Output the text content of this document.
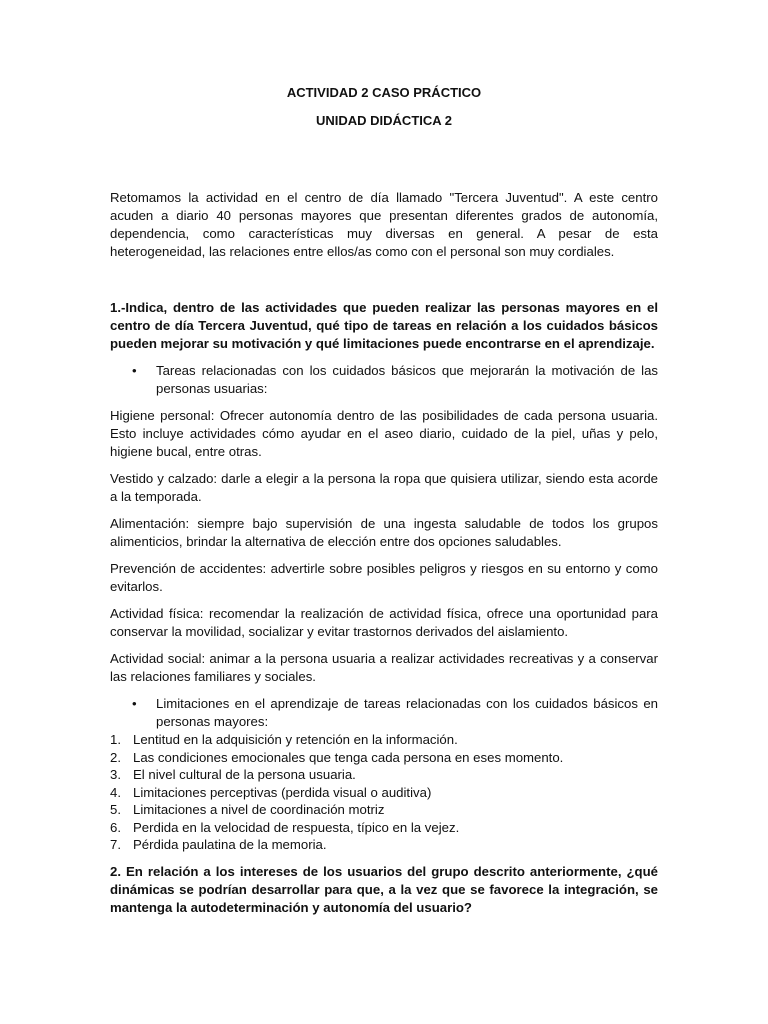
ACTIVIDAD 2 CASO PRÁCTICO
UNIDAD DIDÁCTICA 2

Retomamos la actividad en el centro de día llamado "Tercera Juventud". A este centro acuden a diario 40 personas mayores que presentan diferentes grados de autonomía, dependencia, como características muy diversas en general. A pesar de esta heterogeneidad, las relaciones entre ellos/as como con el personal son muy cordiales.

1.-Indica, dentro de las actividades que pueden realizar las personas mayores en el centro de día Tercera Juventud, qué tipo de tareas en relación a los cuidados básicos pueden mejorar su motivación y qué limitaciones puede encontrarse en el aprendizaje.
• Tareas relacionadas con los cuidados básicos que mejorarán la motivación de las personas usuarias:

Higiene personal: Ofrecer autonomía dentro de las posibilidades de cada persona usuaria. Esto incluye actividades cómo ayudar en el aseo diario, cuidado de la piel, uñas y pelo, higiene bucal, entre otras.

Vestido y calzado: darle a elegir a la persona la ropa que quisiera utilizar, siendo esta acorde a la temporada.

Alimentación: siempre bajo supervisión de una ingesta saludable de todos los grupos alimenticios, brindar la alternativa de elección entre dos opciones saludables.

Prevención de accidentes: advertirle sobre posibles peligros y riesgos en su entorno y como evitarlos.

Actividad física: recomendar la realización de actividad física, ofrece una oportunidad para conservar la movilidad, socializar y evitar trastornos derivados del aislamiento.

Actividad social: animar a la persona usuaria a realizar actividades recreativas y a conservar las relaciones familiares y sociales.

• Limitaciones en el aprendizaje de tareas relacionadas con los cuidados básicos en personas mayores:
1. Lentitud en la adquisición y retención en la información.
2. Las condiciones emocionales que tenga cada persona en eses momento.
3. El nivel cultural de la persona usuaria.
4. Limitaciones perceptivas (perdida visual o auditiva)
5. Limitaciones a nivel de coordinación motriz
6. Perdida en la velocidad de respuesta, típico en la vejez.
7. Pérdida paulatina de la memoria.
2. En relación a los intereses de los usuarios del grupo descrito anteriormente, ¿qué dinámicas se podrían desarrollar para que, a la vez que se favorece la integración, se mantenga la autodeterminación y autonomía del usuario?
